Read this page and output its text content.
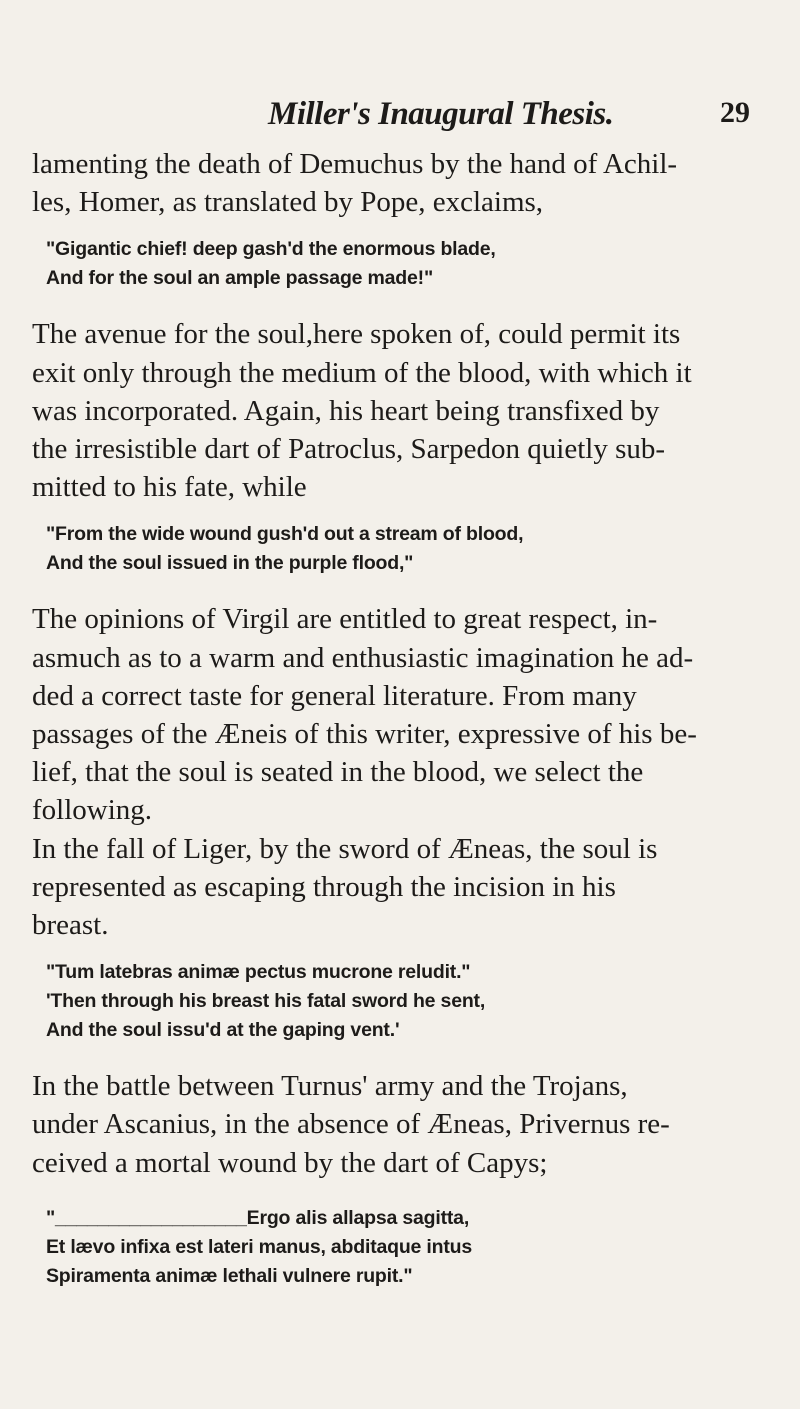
Miller's Inaugural Thesis.	29

lamenting the death of Demuchus by the hand of Achil-
les, Homer, as translated by Pope, exclaims,

"Gigantic chief! deep gash'd the enormous blade,
And for the soul an ample passage made!"

The avenue for the soul,here spoken of, could permit its
exit only through the medium of the blood, with which it
was incorporated. Again, his heart being transfixed by
the irresistible dart of Patroclus, Sarpedon quietly sub-
mitted to his fate, while

"From the wide wound gush'd out a stream of blood,
And the soul issued in the purple flood,"

The opinions of Virgil are entitled to great respect, in-
asmuch as to a warm and enthusiastic imagination he ad-
ded a correct taste for general literature. From many
passages of the Æneis of this writer, expressive of his be-
lief, that the soul is seated in the blood, we select the
following.

In the fall of Liger, by the sword of Æneas, the soul is
represented as escaping through the incision in his
breast.

"Tum latebras animæ pectus mucrone reludit."
'Then through his breast his fatal sword he sent,
And the soul issu'd at the gaping vent.'

In the battle between Turnus' army and the Trojans,
under Ascanius, in the absence of Æneas, Privernus re-
ceived a mortal wound by the dart of Capys;

"__________________Ergo alis allapsa sagitta,
Et lævo infixa est lateri manus, abditaque intus
Spiramenta animæ lethali vulnere rupit."
